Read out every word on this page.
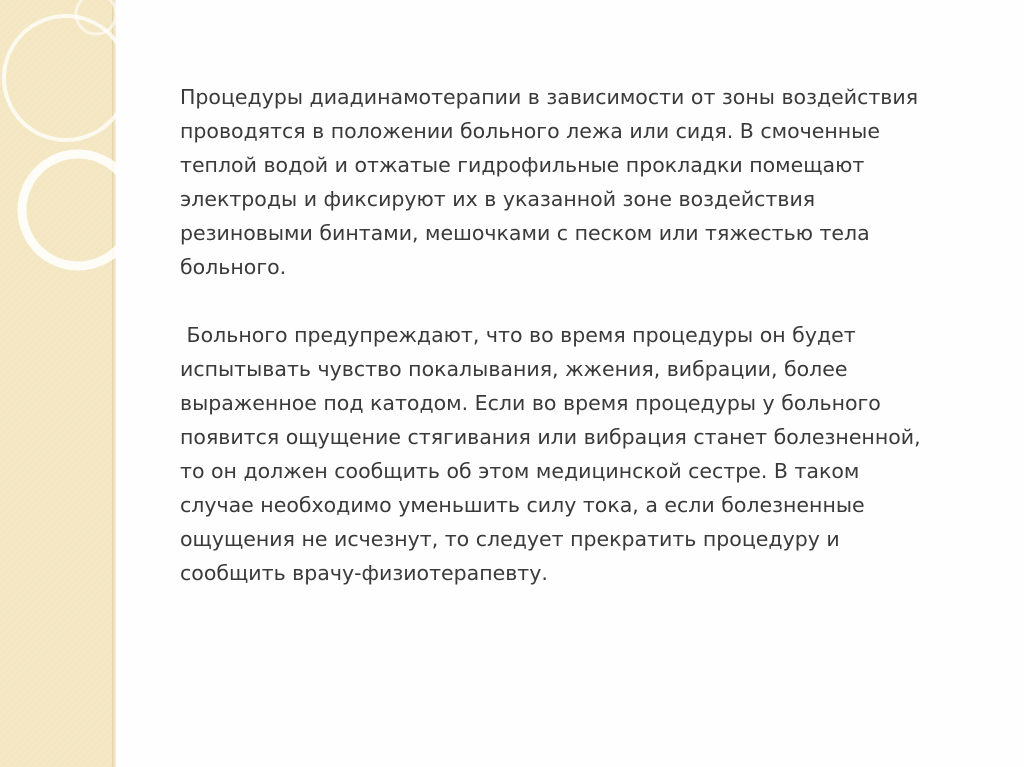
Процедуры диадинамотерапии в зависимости от зоны воздействия проводятся в положении больного лежа или сидя. В смоченные теплой водой и отжатые гидрофильные прокладки помещают электроды и фиксируют их в указанной зоне воздействия резиновыми бинтами, мешочками с песком или тяжестью тела больного.

Больного предупреждают, что во время процедуры он будет испытывать чувство покалывания, жжения, вибрации, более выраженное под катодом. Если во время процедуры у больного появится ощущение стягивания или вибрация станет болезненной, то он должен сообщить об этом медицинской сестре. В таком случае необходимо уменьшить силу тока, а если болезненные ощущения не исчезнут, то следует прекратить процедуру и сообщить врачу-физиотерапевту.
